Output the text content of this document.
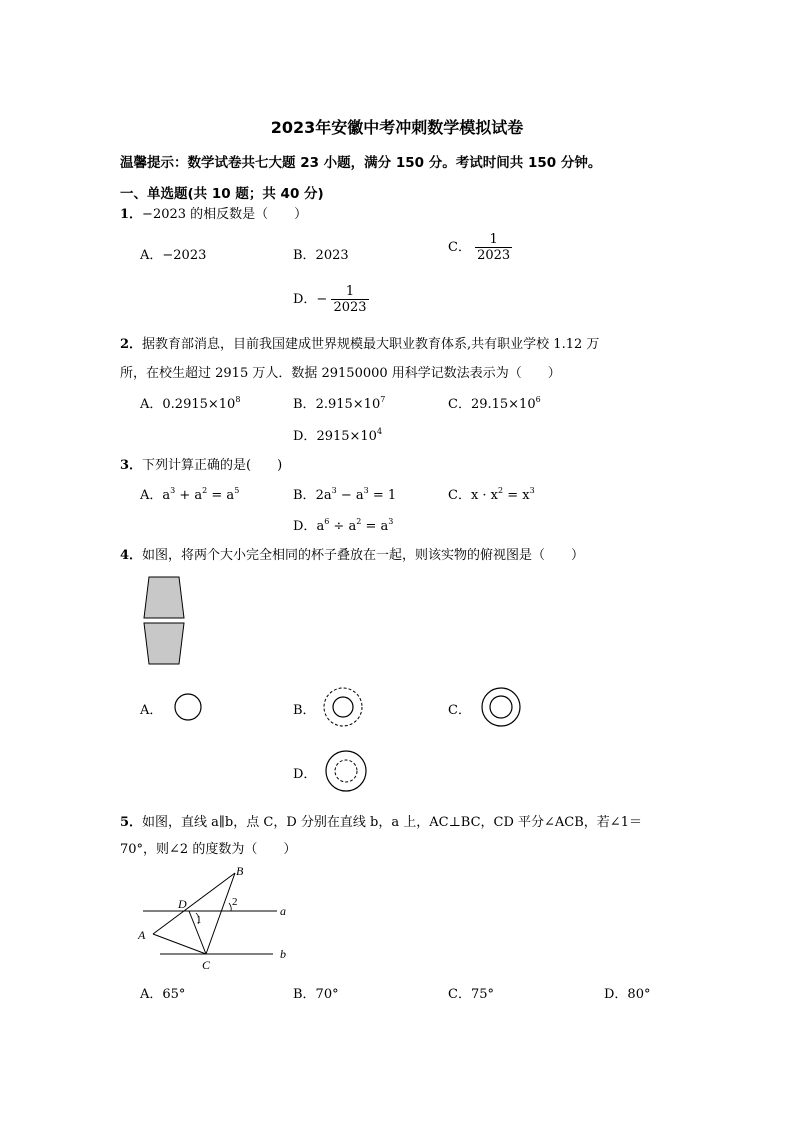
2023年安徽中考冲刺数学模拟试卷
温馨提示：数学试卷共七大题 23 小题，满分 150 分。考试时间共 150 分钟。
一、单选题(共 10 题；共 40 分)
1．−2023 的相反数是（　　）
A．−2023	B．2023
C． $\frac{1}{2023}$
D．− $\frac{1}{2023}$
2．据教育部消息，目前我国建成世界规模最大职业教育体系,共有职业学校 1.12 万
所，在校生超过 2915 万人．数据 29150000 用科学记数法表示为（　　）
A．$0.2915\times 10^8$	B．$2.915\times 10^7$	C．$29.15\times 10^6$
D．$2915\times 10^4$
3．下列计算正确的是(　　)
A．$a^3 + a^2 = a^5$	B．$2a^3 - a^3 = 1$	C．$x \cdot x^2 = x^3$
D．$a^6 \div a^2 = a^3$
4．如图，将两个大小完全相同的杯子叠放在一起，则该实物的俯视图是（　　）
A．	B．	C．
D．
5．如图，直线 a∥b，点 C，D 分别在直线 b，a 上，AC⊥BC，CD 平分∠ACB，若∠1＝
70°，则∠2 的度数为（　　）
B
D
A
C
a
b
1
2
A．65°	B．70°	C．75°	D．80°
